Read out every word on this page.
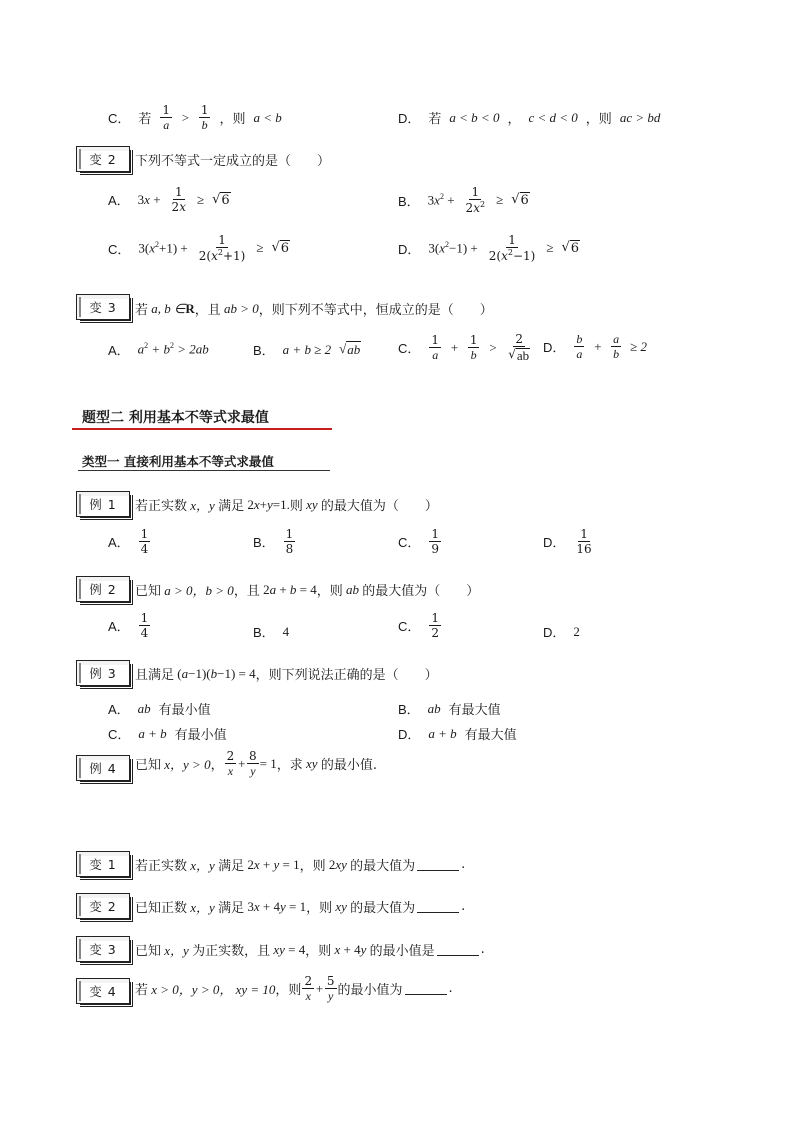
C． 若 $\frac{1}{a} > \frac{1}{b}$ ，则 a < b	D． 若 a < b < 0 ， c < d < 0 ，则 ac > bd
变 2 下列不等式一定成立的是（　　）
A． $3x + \frac{1}{2x}$ ≥ √ 6	B． $3x^2 + \frac{1}{2x^2}$ ≥ √ 6
C． $3(x^2+1) + \frac{1}{2(x^2+1)}$ ≥ √ 6	D． $3(x^2-1) + \frac{1}{2(x^2-1)}$ ≥ √ 6
变 3 若 a, b ∈ R ，且 ab > 0 ，则下列不等式中，恒成立的是（　　）
A． $a^2 + b^2 > 2ab$	B． a + b ≥ 2 √ ab	C． $\frac{1}{a} + \frac{1}{b} > \frac{2}{√ ab}$ D． $\frac{b}{a} + \frac{a}{b} \ge 2$
题型二 利用基本不等式求最值
类型一 直接利用基本不等式求最值
例 1 若正实数 x，y 满足 2x+y=1. 则 xy 的最大值为（　　）
A． $\frac{1}{4}$	B． $\frac{1}{8}$	C． $\frac{1}{9}$	D． $\frac{1}{16}$
例 2 已知 a > 0，b > 0 ，且 2a + b = 4 ，则 ab 的最大值为（　　）
A． $\frac{1}{4}$	B． 4	C． $\frac{1}{2}$	D． 2
例 3 且满足 (a−1)(b−1) = 4 ，则下列说法正确的是（　　）
A． ab 有最小值	B． ab 有最大值
C． a + b 有最小值	D． a + b 有最大值
例 4 已知 x，y > 0 ， $\frac{2}{x} + \frac{8}{y} = 1$ ，求 xy 的最小值.
变 1 若正实数 x，y 满足 2x + y = 1 ，则 2xy 的最大值为	.
变 2 已知正数 x，y 满足 3x + 4y = 1 ，则 xy 的最大值为	.
变 3 已知 x，y 为正实数，且 xy = 4 ，则 x + 4y 的最小值是	.
变 4 若 x > 0，y > 0， xy = 10 ，则 $\frac{2}{x} + \frac{5}{y}$ 的最小值为	.
